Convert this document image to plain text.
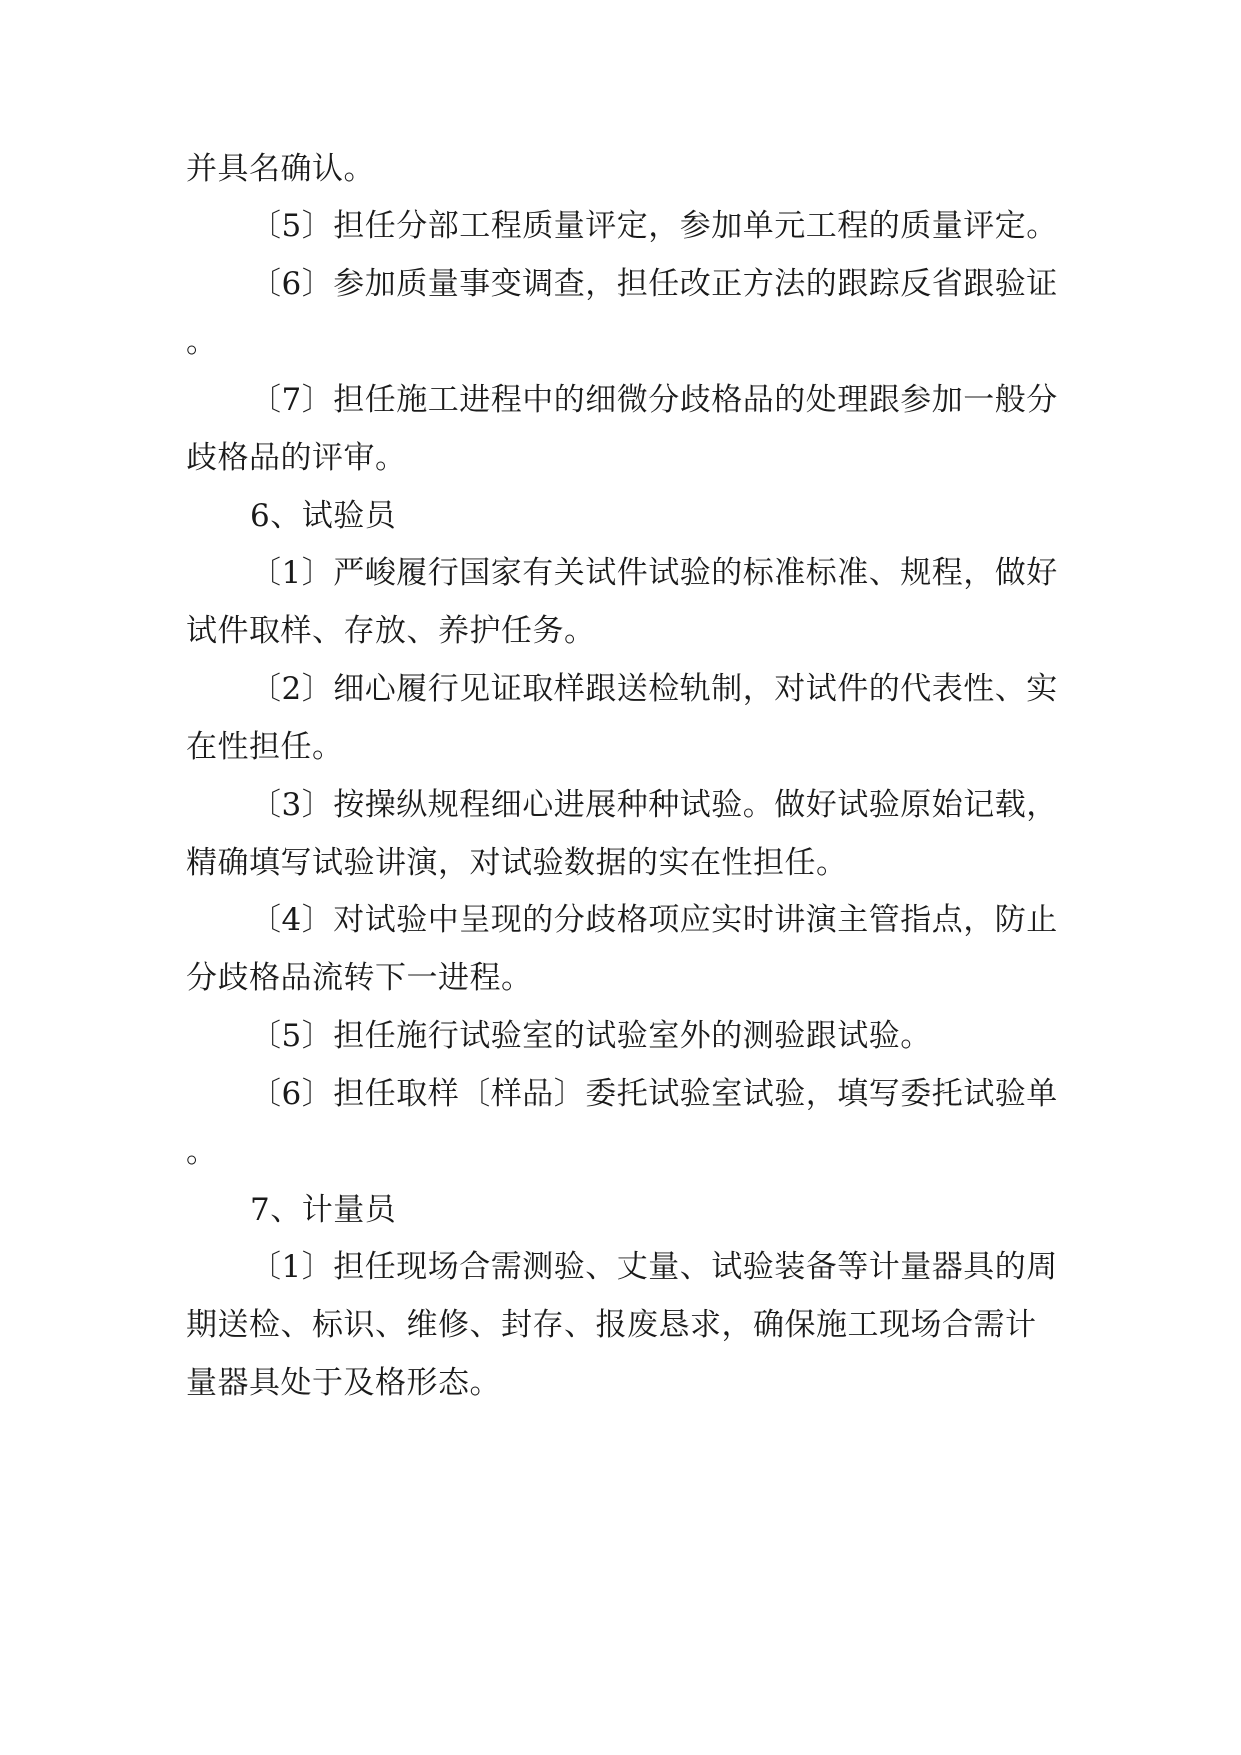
并具名确认。
〔5〕担任分部工程质量评定，参加单元工程的质量评定。
〔6〕参加质量事变调查，担任改正方法的跟踪反省跟验证
。
〔7〕担任施工进程中的细微分歧格品的处理跟参加一般分
歧格品的评审。
6、试验员
〔1〕严峻履行国家有关试件试验的标准标准、规程，做好
试件取样、存放、养护任务。
〔2〕细心履行见证取样跟送检轨制，对试件的代表性、实
在性担任。
〔3〕按操纵规程细心进展种种试验。做好试验原始记载，
精确填写试验讲演，对试验数据的实在性担任。
〔4〕对试验中呈现的分歧格项应实时讲演主管指点，防止
分歧格品流转下一进程。
〔5〕担任施行试验室的试验室外的测验跟试验。
〔6〕担任取样〔样品〕委托试验室试验，填写委托试验单
。
7、计量员
〔1〕担任现场合需测验、丈量、试验装备等计量器具的周
期送检、标识、维修、封存、报废恳求，确保施工现场合需计
量器具处于及格形态。
